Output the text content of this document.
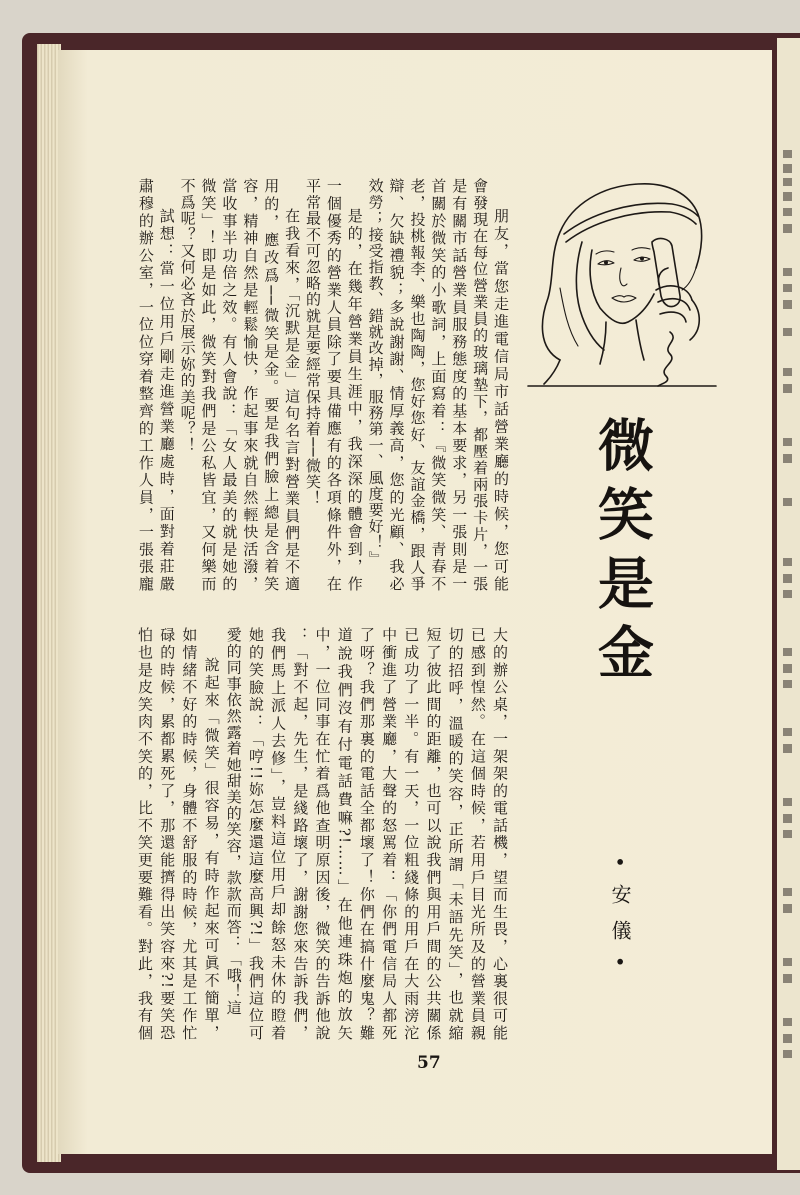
朋友，當您走進電信局市話營業廳的時候，您可能
會發現在每位營業員的玻璃墊下，都壓着兩張卡片，一張
是有關市話營業員服務態度的基本要求，另一張則是一
首關於微笑的小歌詞，上面寫着：『微笑微笑、青春不
老，投桃報李、樂也陶陶，您好您好、友誼金橋，跟人爭
辯、欠缺禮貌；多說謝謝、情厚義高，您的光顧、我必
效勞；接受指教、錯就改掉，服務第一、風度要好！』
是的，在幾年營業員生涯中，我深深的體會到，作
一個優秀的營業人員除了要具備應有的各項條件外，在
平常最不可忽略的就是要經常保持着──微笑！
在我看來，「沉默是金」這句名言對營業員們是不適
用的，應改爲──微笑是金。要是我們臉上總是含着笑
容，精神自然是輕鬆愉快，作起事來就自然輕快活潑，
當收事半功倍之效。有人會說：「女人最美的就是她的
微笑」！即是如此，微笑對我們是公私皆宜，又何樂而
不爲呢？又何必吝於展示妳的美呢？！
試想：當一位用戶剛走進營業廳處時，面對着莊嚴
肅穆的辦公室，一位位穿着整齊的工作人員，一張張龐
大的辦公桌，一架架的電話機，望而生畏，心裏很可能
已感到惶然。在這個時候，若用戶目光所及的營業員親
切的招呼，溫暖的笑容，正所謂「未語先笑」，也就縮
短了彼此間的距離，也可以說我們與用戶間的公共關係
已成功了一半。有一天，一位粗綫條的用戶在大雨滂沱
中衝進了營業廳，大聲的怒罵着：「你們電信局人都死
了呀？我們那裏的電話全都壞了！你們在搞什麼鬼？難
道說我們沒有付電話費嘛?!……」在他連珠炮的放矢
中，一位同事在忙着爲他查明原因後，微笑的告訴他說
：「對不起，先生，是綫路壞了，謝謝您來告訴我們，
我們馬上派人去修」，豈料這位用戶却餘怒未休的瞪着
她的笑臉說：「哼!!妳怎麼還這麼高興?!」我們這位可
愛的同事依然露着她甜美的笑容，款款而答：「哦！這
說起來「微笑」很容易，有時作起來可眞不簡單，
如情緒不好的時候，身體不舒服的時候，尤其是工作忙
碌的時候，累都累死了，那還能擠得出笑容來?!要笑恐
怕也是皮笑肉不笑的，比不笑更要難看。對此，我有個
微笑是金
•安儀•
57
